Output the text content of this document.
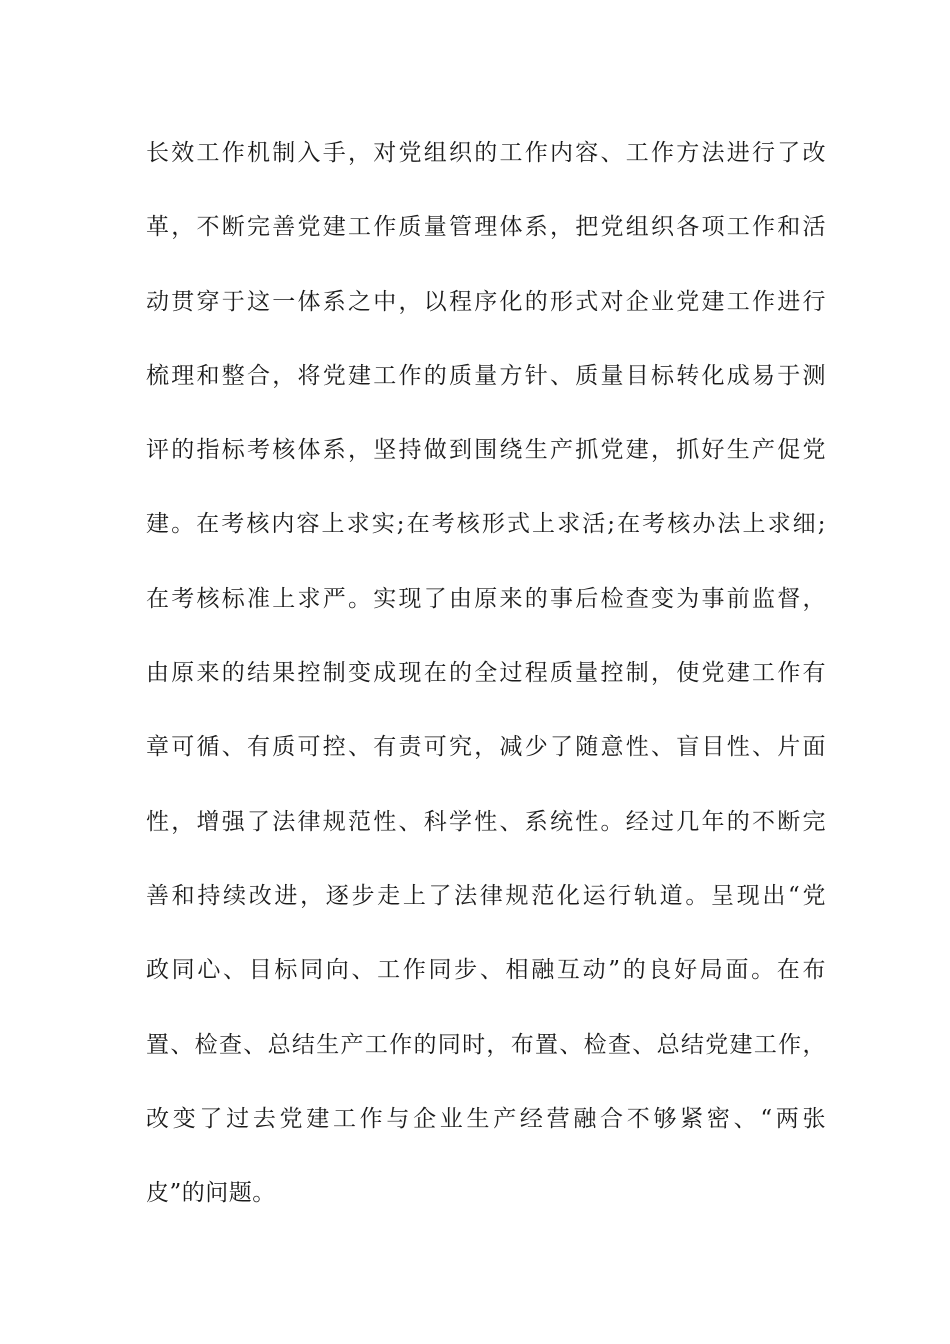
长效工作机制入手，对党组织的工作内容、工作方法进行了改
革，不断完善党建工作质量管理体系，把党组织各项工作和活
动贯穿于这一体系之中，以程序化的形式对企业党建工作进行
梳理和整合，将党建工作的质量方针、质量目标转化成易于测
评的指标考核体系，坚持做到围绕生产抓党建，抓好生产促党
建。在考核内容上求实;在考核形式上求活;在考核办法上求细;
在考核标准上求严。实现了由原来的事后检查变为事前监督，
由原来的结果控制变成现在的全过程质量控制，使党建工作有
章可循、有质可控、有责可究，减少了随意性、盲目性、片面
性，增强了法律规范性、科学性、系统性。经过几年的不断完
善和持续改进，逐步走上了法律规范化运行轨道。呈现出“党
政同心、目标同向、工作同步、相融互动”的良好局面。在布
置、检查、总结生产工作的同时，布置、检查、总结党建工作，
改变了过去党建工作与企业生产经营融合不够紧密、“两张
皮”的问题。
